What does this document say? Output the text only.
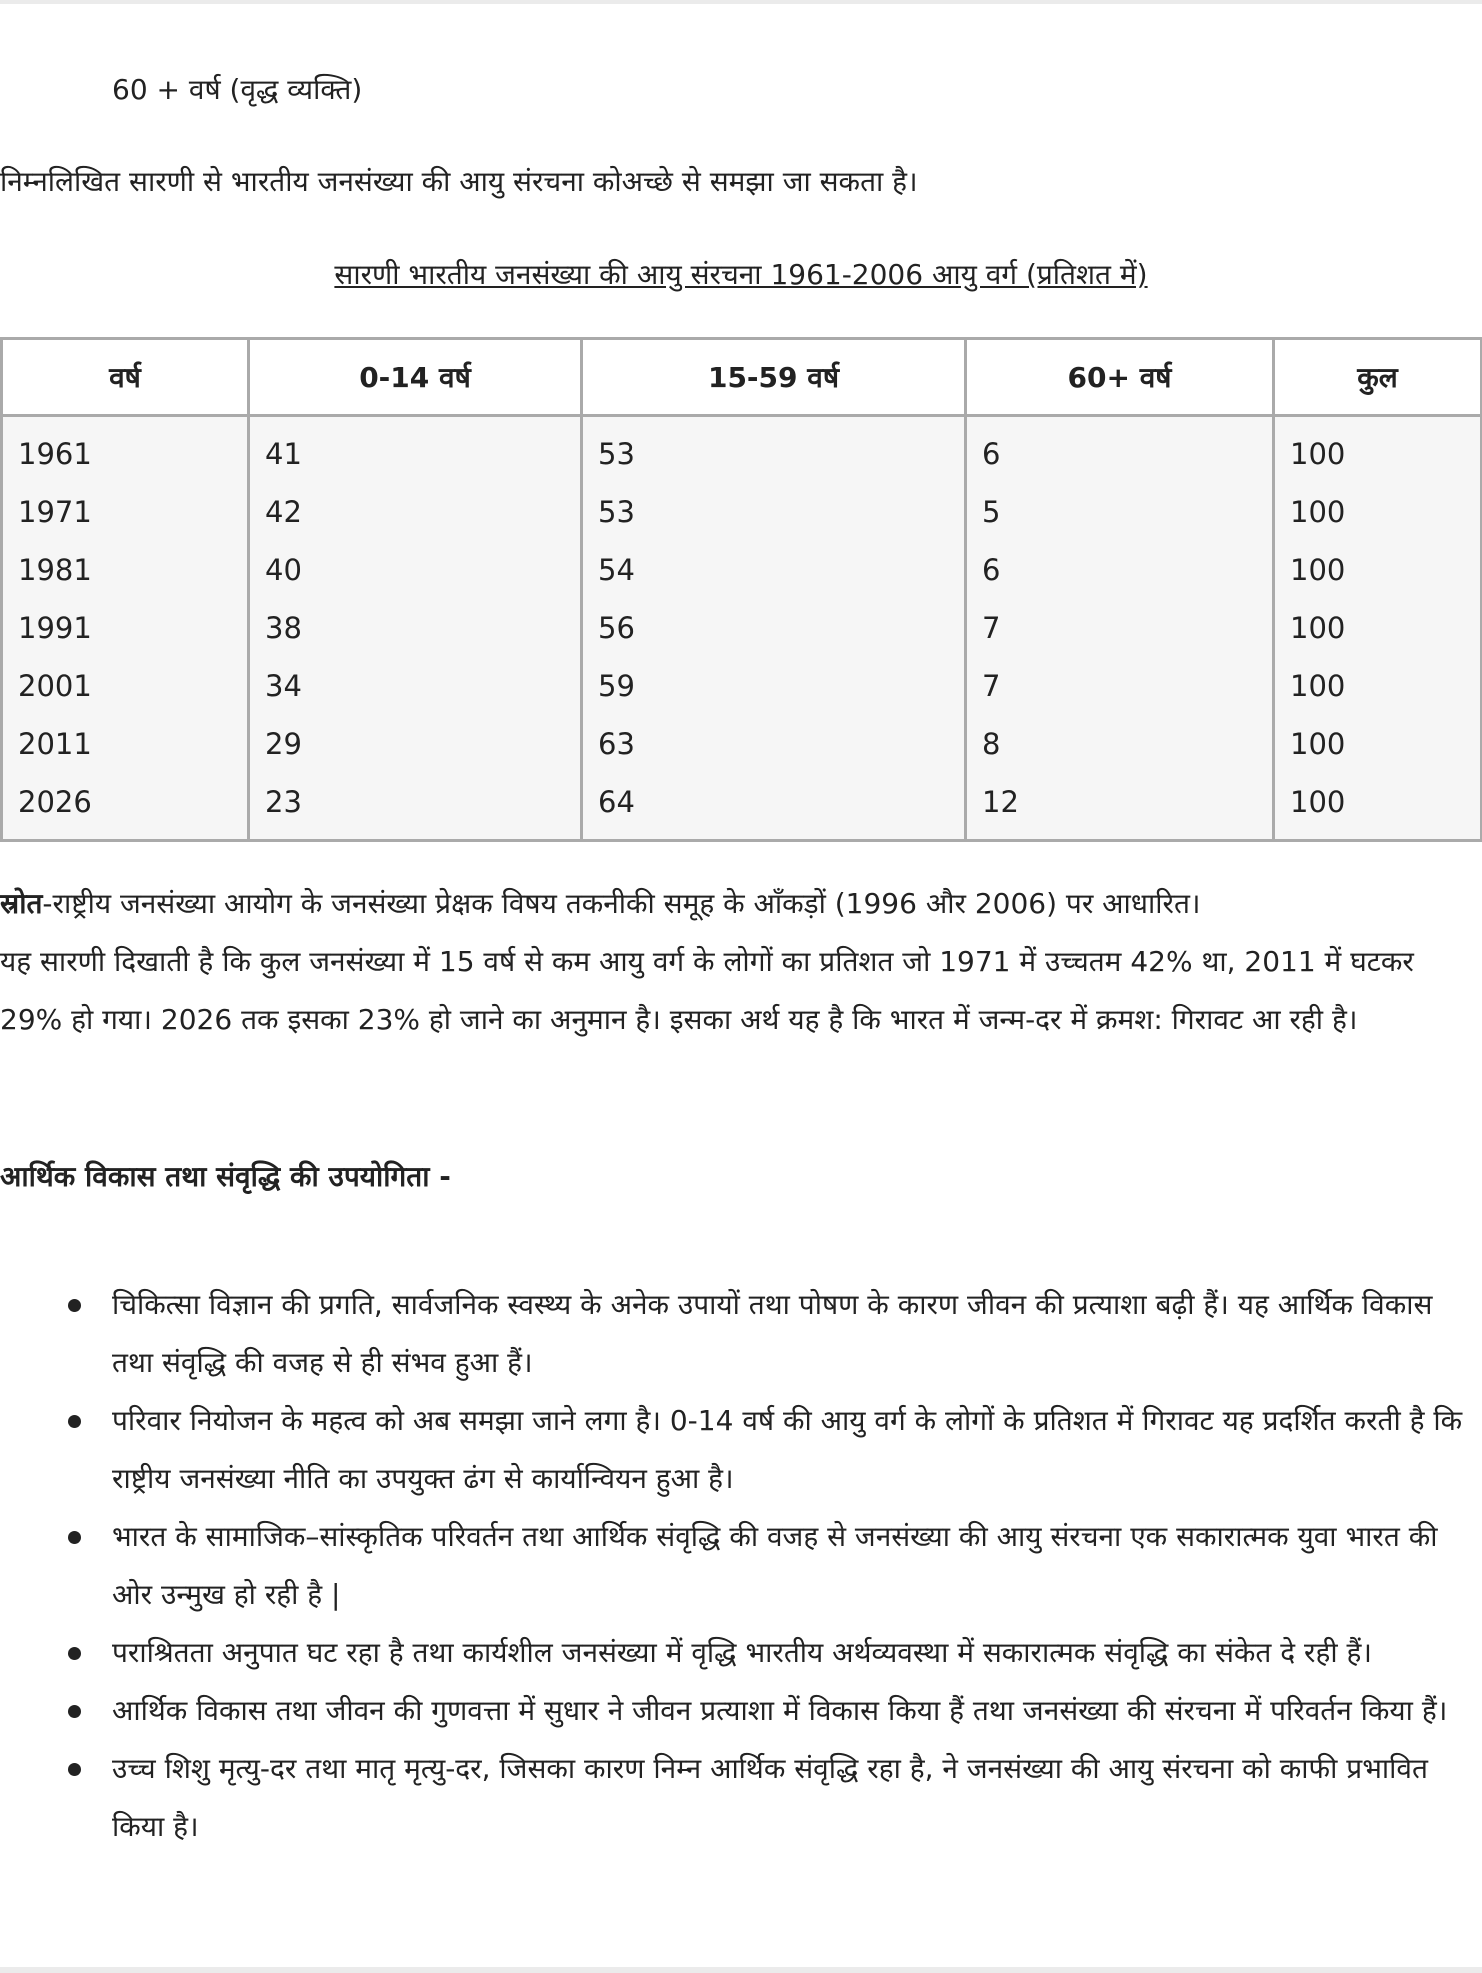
60 + वर्ष (वृद्ध व्यक्ति)
निम्नलिखित सारणी से भारतीय जनसंख्या की आयु संरचना कोअच्छे से समझा जा सकता है।
सारणी भारतीय जनसंख्या की आयु संरचना 1961-2006 आयु वर्ग (प्रतिशत में)
वर्ष	0-14 वर्ष	15-59 वर्ष	60+ वर्ष	कुल
1961	41	53	6	100
1971	42	53	5	100
1981	40	54	6	100
1991	38	56	7	100
2001	34	59	7	100
2011	29	63	8	100
2026	23	64	12	100
स्रोत-राष्ट्रीय जनसंख्या आयोग के जनसंख्या प्रेक्षक विषय तकनीकी समूह के आँकड़ों (1996 और 2006) पर आधारित।
यह सारणी दिखाती है कि कुल जनसंख्या में 15 वर्ष से कम आयु वर्ग के लोगों का प्रतिशत जो 1971 में उच्चतम 42% था, 2011 में घटकर 29% हो गया। 2026 तक इसका 23% हो जाने का अनुमान है। इसका अर्थ यह है कि भारत में जन्म-दर में क्रमश: गिरावट आ रही है।
आर्थिक विकास तथा संवृद्धि की उपयोगिता -
चिकित्सा विज्ञान की प्रगति, सार्वजनिक स्वस्थ्य के अनेक उपायों तथा पोषण के कारण जीवन की प्रत्याशा बढ़ी हैं। यह आर्थिक विकास तथा संवृद्धि की वजह से ही संभव हुआ हैं।
परिवार नियोजन के महत्व को अब समझा जाने लगा है। 0-14 वर्ष की आयु वर्ग के लोगों के प्रतिशत में गिरावट यह प्रदर्शित करती है कि राष्ट्रीय जनसंख्या नीति का उपयुक्त ढंग से कार्यान्वियन हुआ है।
भारत के सामाजिक–सांस्कृतिक परिवर्तन तथा आर्थिक संवृद्धि की वजह से जनसंख्या की आयु संरचना एक सकारात्मक युवा भारत की ओर उन्मुख हो रही है |
पराश्रितता अनुपात घट रहा है तथा कार्यशील जनसंख्या में वृद्धि भारतीय अर्थव्यवस्था में सकारात्मक संवृद्धि का संकेत दे रही हैं।
आर्थिक विकास तथा जीवन की गुणवत्ता में सुधार ने जीवन प्रत्याशा में विकास किया हैं तथा जनसंख्या की संरचना में परिवर्तन किया हैं।
उच्च शिशु मृत्यु-दर तथा मातृ मृत्यु-दर, जिसका कारण निम्न आर्थिक संवृद्धि रहा है, ने जनसंख्या की आयु संरचना को काफी प्रभावित किया है।
